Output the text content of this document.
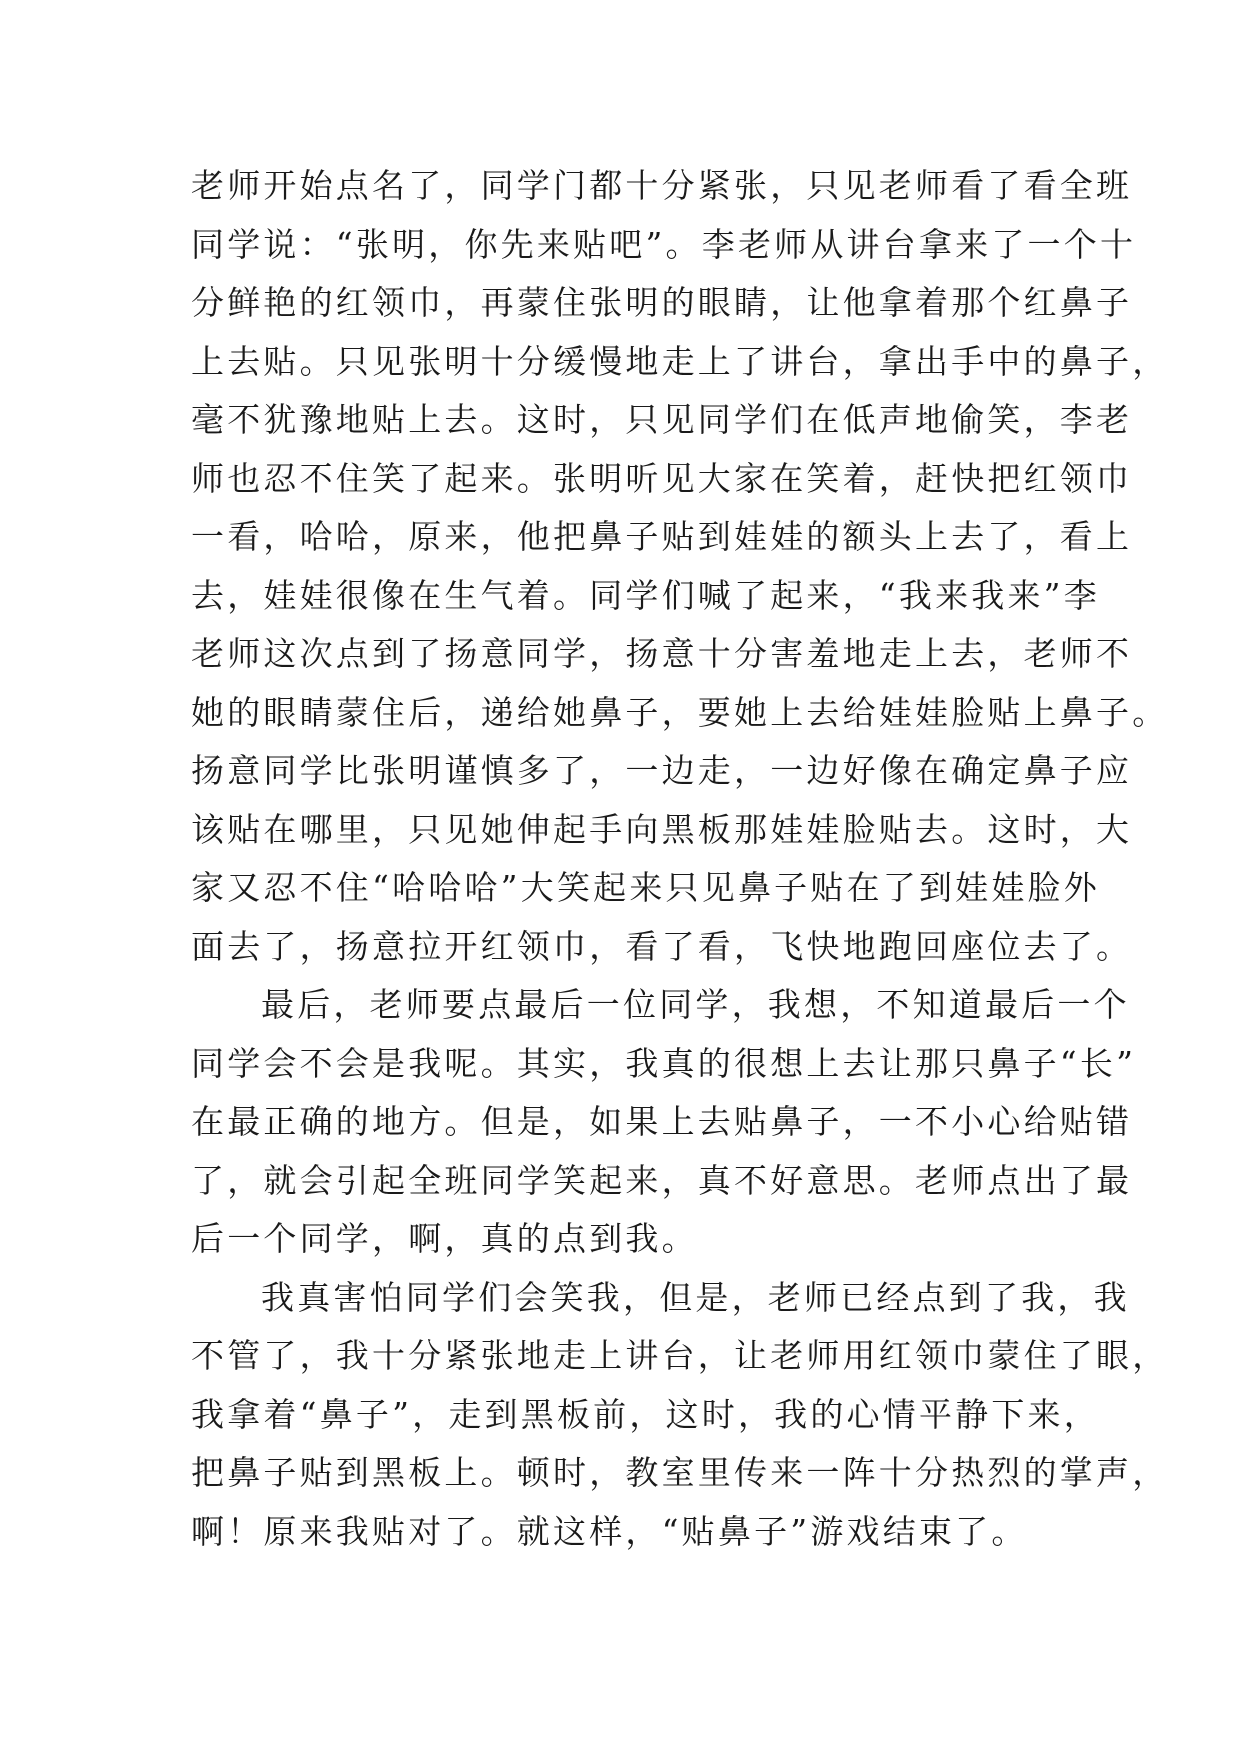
老师开始点名了，同学门都十分紧张，只见老师看了看全班
同学说：“张明，你先来贴吧”。李老师从讲台拿来了一个十
分鲜艳的红领巾，再蒙住张明的眼睛，让他拿着那个红鼻子
上去贴。只见张明十分缓慢地走上了讲台，拿出手中的鼻子，
毫不犹豫地贴上去。这时，只见同学们在低声地偷笑，李老
师也忍不住笑了起来。张明听见大家在笑着，赶快把红领巾
一看，哈哈，原来，他把鼻子贴到娃娃的额头上去了，看上
去，娃娃很像在生气着。同学们喊了起来，“我来我来”李
老师这次点到了扬意同学，扬意十分害羞地走上去，老师不
她的眼睛蒙住后，递给她鼻子，要她上去给娃娃脸贴上鼻子。
扬意同学比张明谨慎多了，一边走，一边好像在确定鼻子应
该贴在哪里，只见她伸起手向黑板那娃娃脸贴去。这时，大
家又忍不住“哈哈哈”大笑起来只见鼻子贴在了到娃娃脸外
面去了，扬意拉开红领巾，看了看，飞快地跑回座位去了。
最后，老师要点最后一位同学，我想，不知道最后一个
同学会不会是我呢。其实，我真的很想上去让那只鼻子“长”
在最正确的地方。但是，如果上去贴鼻子，一不小心给贴错
了，就会引起全班同学笑起来，真不好意思。老师点出了最
后一个同学，啊，真的点到我。
我真害怕同学们会笑我，但是，老师已经点到了我，我
不管了，我十分紧张地走上讲台，让老师用红领巾蒙住了眼，
我拿着“鼻子”，走到黑板前，这时，我的心情平静下来，
把鼻子贴到黑板上。顿时，教室里传来一阵十分热烈的掌声，
啊！原来我贴对了。就这样，“贴鼻子”游戏结束了。
